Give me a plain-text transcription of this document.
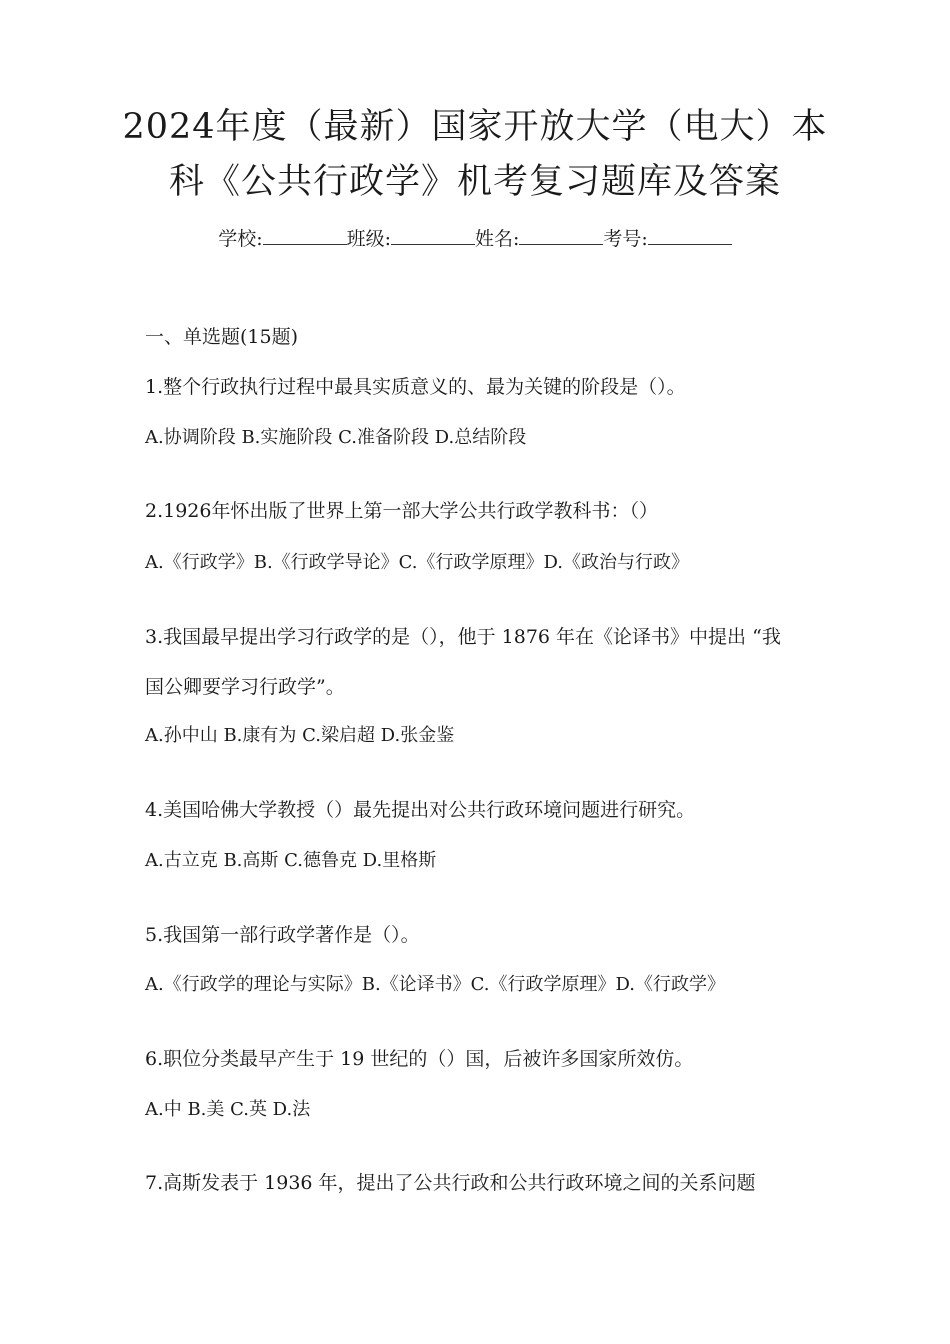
2024年度（最新）国家开放大学（电大）本
科《公共行政学》机考复习题库及答案
学校:	班级:	姓名:	考号:
一、单选题(15题)
1.整个行政执行过程中最具实质意义的、最为关键的阶段是（）。
A.协调阶段 B.实施阶段 C.准备阶段 D.总结阶段
2.1926年怀出版了世界上第一部大学公共行政学教科书：（）
A.《行政学》B.《行政学导论》C.《行政学原理》D.《政治与行政》
3.我国最早提出学习行政学的是（），他于 1876 年在《论译书》中提出 “我
国公卿要学习行政学”。
A.孙中山 B.康有为 C.梁启超 D.张金鉴
4.美国哈佛大学教授（）最先提出对公共行政环境问题进行研究。
A.古立克 B.高斯 C.德鲁克 D.里格斯
5.我国第一部行政学著作是（）。
A.《行政学的理论与实际》B.《论译书》C.《行政学原理》D.《行政学》
6.职位分类最早产生于 19 世纪的（）国，后被许多国家所效仿。
A.中 B.美 C.英 D.法
7.高斯发表于 1936 年，提出了公共行政和公共行政环境之间的关系问题
